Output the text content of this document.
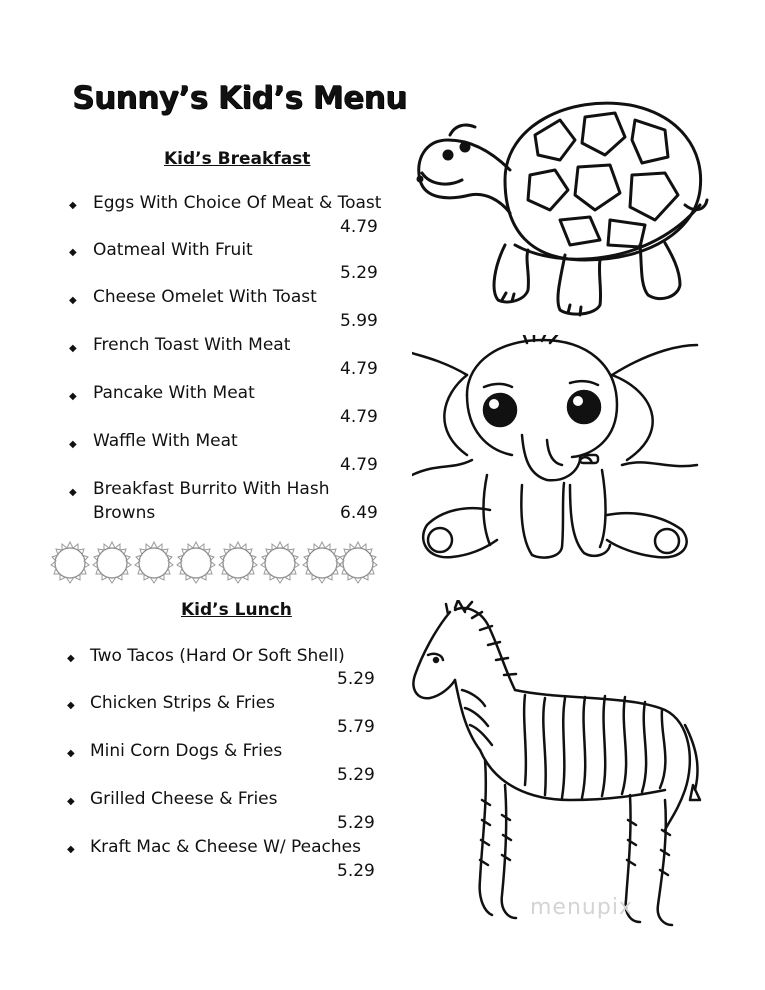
Sunny’s Kid’s Menu
Kid’s Breakfast
◆ Eggs With Choice Of Meat & Toast
4.79
◆ Oatmeal With Fruit
5.29
◆ Cheese Omelet With Toast
5.99
◆ French Toast With Meat
4.79
◆ Pancake With Meat
4.79
◆ Waffle With Meat
4.79
◆ Breakfast Burrito With Hash
Browns	6.49
Kid’s Lunch
◆ Two Tacos (Hard Or Soft Shell)
5.29
◆ Chicken Strips & Fries
5.79
◆ Mini Corn Dogs & Fries
5.29
◆ Grilled Cheese & Fries
5.29
◆ Kraft Mac & Cheese W/ Peaches
5.29
menupix
